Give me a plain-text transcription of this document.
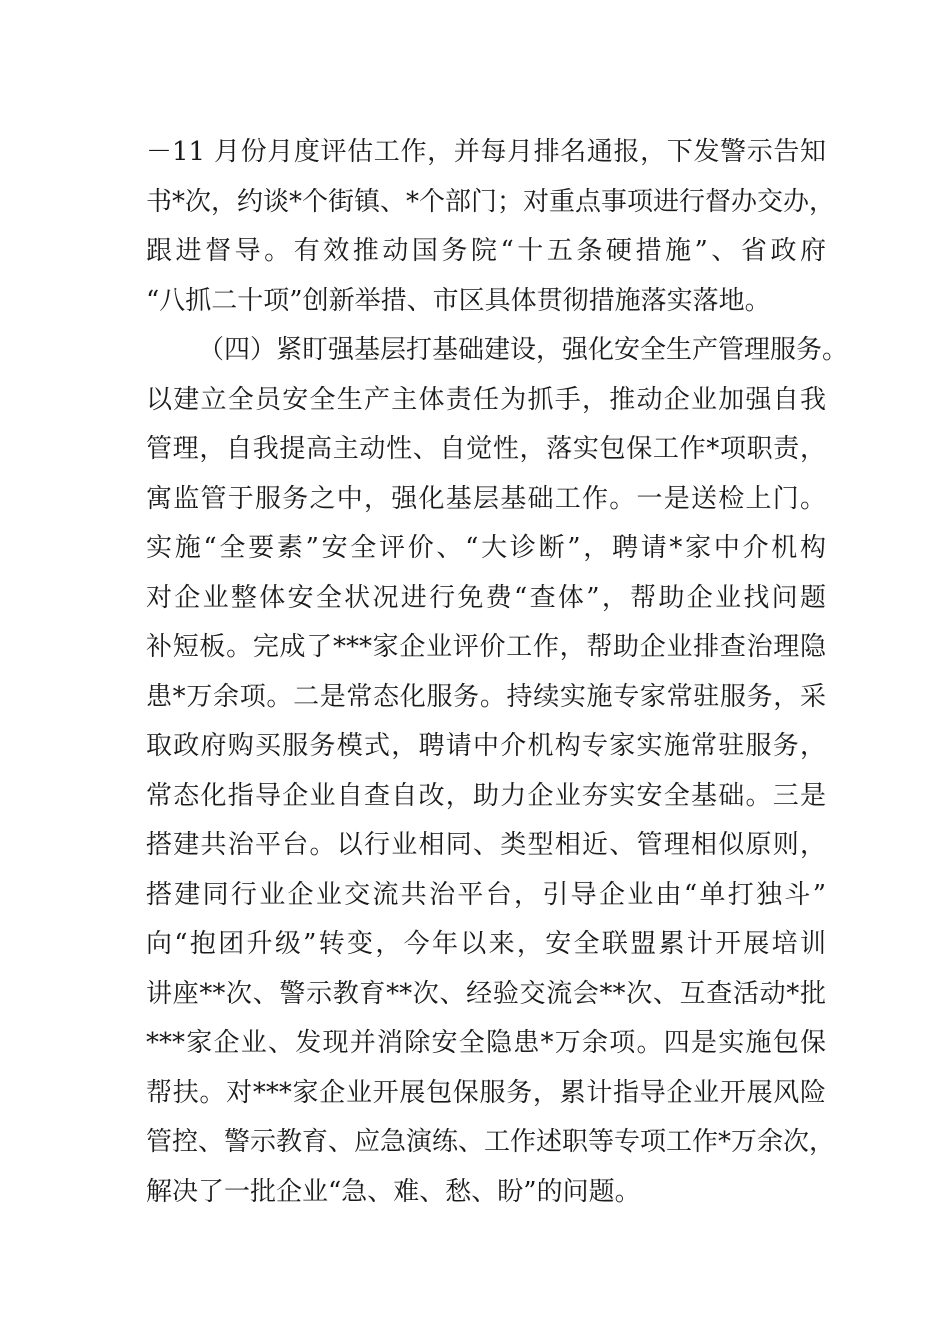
－11 月份月度评估工作，并每月排名通报，下发警示告知
书*次，约谈*个街镇、*个部门；对重点事项进行督办交办，
跟进督导。有效推动国务院“十五条硬措施”、省政府
“八抓二十项”创新举措、市区具体贯彻措施落实落地。
（四）紧盯强基层打基础建设，强化安全生产管理服务。
以建立全员安全生产主体责任为抓手，推动企业加强自我
管理，自我提高主动性、自觉性，落实包保工作*项职责，
寓监管于服务之中，强化基层基础工作。一是送检上门。
实施“全要素”安全评价、“大诊断”，聘请*家中介机构
对企业整体安全状况进行免费“查体”，帮助企业找问题
补短板。完成了***家企业评价工作，帮助企业排查治理隐
患*万余项。二是常态化服务。持续实施专家常驻服务，采
取政府购买服务模式，聘请中介机构专家实施常驻服务，
常态化指导企业自查自改，助力企业夯实安全基础。三是
搭建共治平台。以行业相同、类型相近、管理相似原则，
搭建同行业企业交流共治平台，引导企业由“单打独斗”
向“抱团升级”转变，今年以来，安全联盟累计开展培训
讲座**次、警示教育**次、经验交流会**次、互查活动*批
***家企业、发现并消除安全隐患*万余项。四是实施包保
帮扶。对***家企业开展包保服务，累计指导企业开展风险
管控、警示教育、应急演练、工作述职等专项工作*万余次，
解决了一批企业“急、难、愁、盼”的问题。
